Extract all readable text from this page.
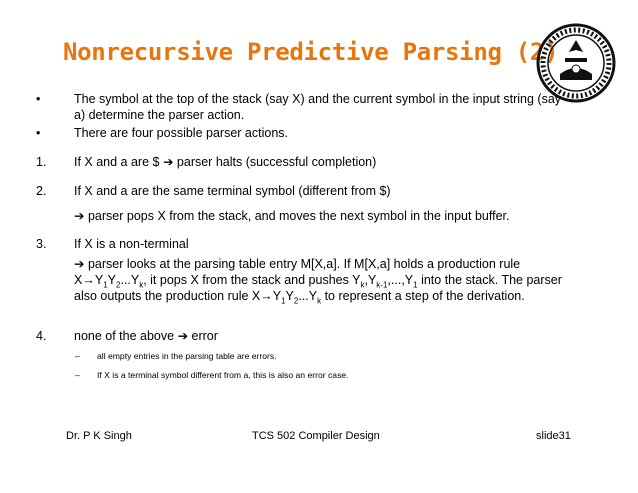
Nonrecursive Predictive Parsing (2)
•	The symbol at the top of the stack (say X) and the current symbol in the input string (say a) determine the parser action.
•	There are four possible parser actions.
1. If X and a are $ ➔ parser halts (successful completion)
2. If X and a are the same terminal symbol (different from $)
➔ parser pops X from the stack, and moves the next symbol in the input buffer.
3. If X is a non-terminal
➔ parser looks at the parsing table entry M[X,a]. If M[X,a] holds a production rule
$X\to Y_1Y_2...Y_k$, it pops X from the stack and pushes $Y_k,Y_{k-1},...,Y_1$ into the stack. The parser also outputs the production rule $X\to Y_1Y_2...Y_k$ to represent a step of the derivation.
4. none of the above ➔ error
– all empty entries in the parsing table are errors.
– If X is a terminal symbol different from a, this is also an error case.
Dr. P K Singh	TCS 502 Compiler Design	slide31
